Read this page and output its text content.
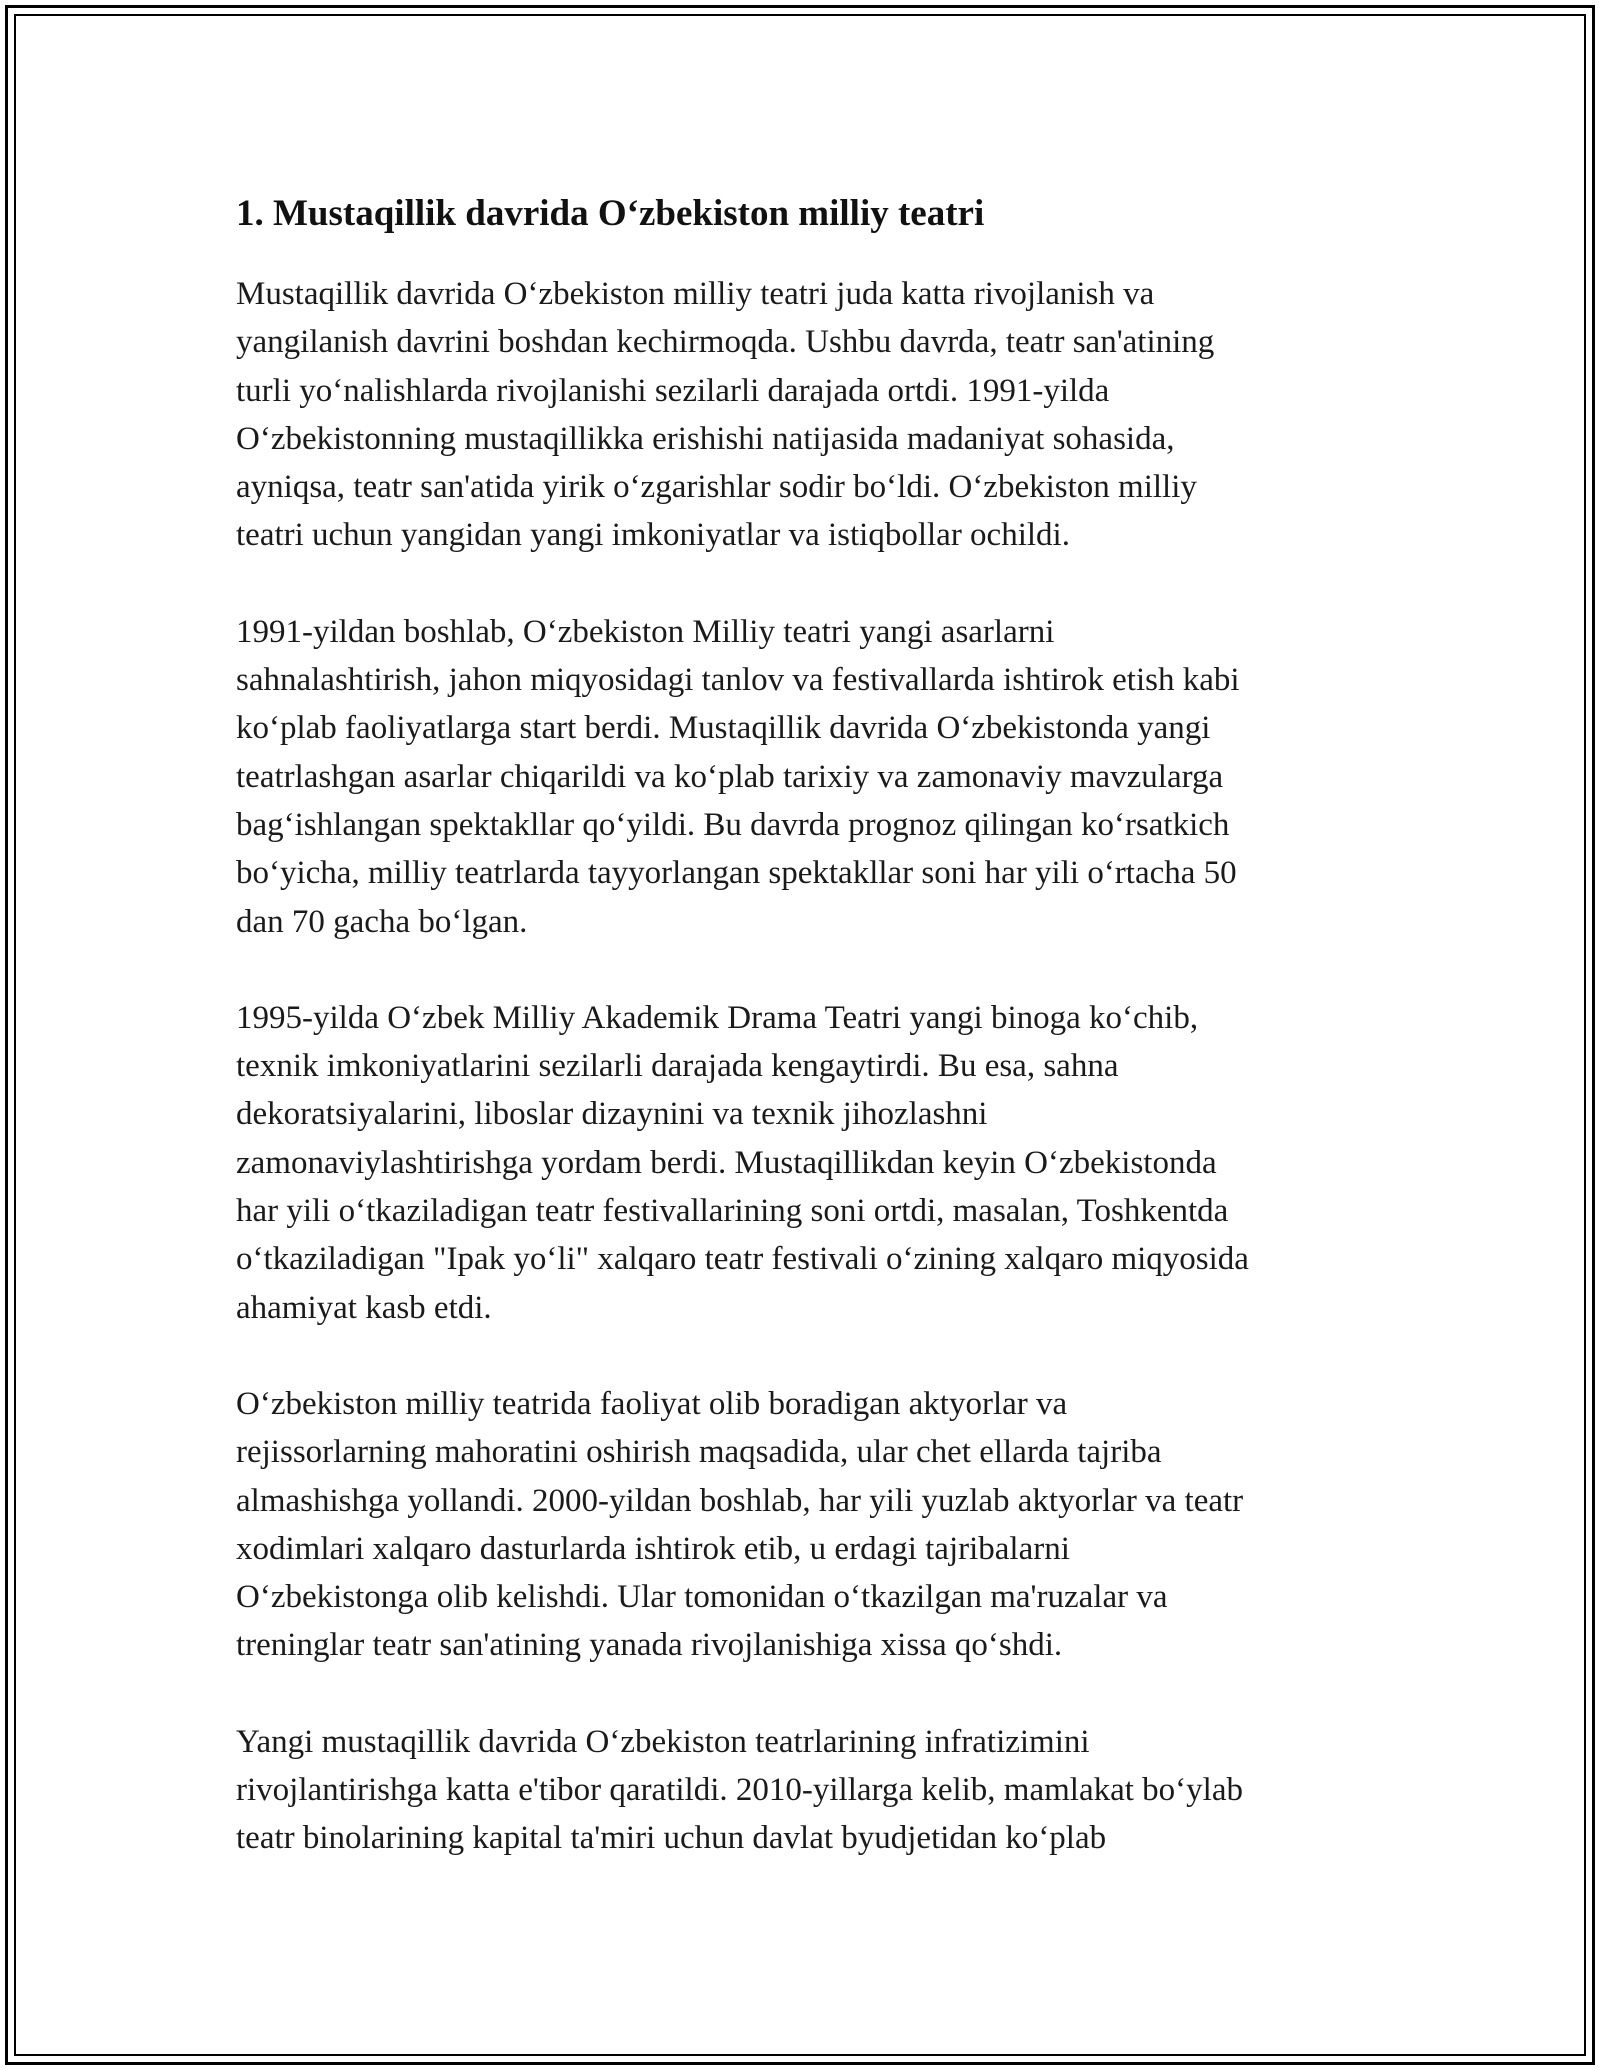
1. Mustaqillik davrida O‘zbekiston milliy teatri

Mustaqillik davrida O‘zbekiston milliy teatri juda katta rivojlanish va
yangilanish davrini boshdan kechirmoqda. Ushbu davrda, teatr san'atining
turli yo‘nalishlarda rivojlanishi sezilarli darajada ortdi. 1991-yilda
O‘zbekistonning mustaqillikka erishishi natijasida madaniyat sohasida,
ayniqsa, teatr san'atida yirik o‘zgarishlar sodir bo‘ldi. O‘zbekiston milliy
teatri uchun yangidan yangi imkoniyatlar va istiqbollar ochildi.

1991-yildan boshlab, O‘zbekiston Milliy teatri yangi asarlarni
sahnalashtirish, jahon miqyosidagi tanlov va festivallarda ishtirok etish kabi
ko‘plab faoliyatlarga start berdi. Mustaqillik davrida O‘zbekistonda yangi
teatrlashgan asarlar chiqarildi va ko‘plab tarixiy va zamonaviy mavzularga
bag‘ishlangan spektakllar qo‘yildi. Bu davrda prognoz qilingan ko‘rsatkich
bo‘yicha, milliy teatrlarda tayyorlangan spektakllar soni har yili o‘rtacha 50
dan 70 gacha bo‘lgan.

1995-yilda O‘zbek Milliy Akademik Drama Teatri yangi binoga ko‘chib,
texnik imkoniyatlarini sezilarli darajada kengaytirdi. Bu esa, sahna
dekoratsiyalarini, liboslar dizaynini va texnik jihozlashni
zamonaviylashtirishga yordam berdi. Mustaqillikdan keyin O‘zbekistonda
har yili o‘tkaziladigan teatr festivallarining soni ortdi, masalan, Toshkentda
o‘tkaziladigan "Ipak yo‘li" xalqaro teatr festivali o‘zining xalqaro miqyosida
ahamiyat kasb etdi.

O‘zbekiston milliy teatrida faoliyat olib boradigan aktyorlar va
rejissorlarning mahoratini oshirish maqsadida, ular chet ellarda tajriba
almashishga yollandi. 2000-yildan boshlab, har yili yuzlab aktyorlar va teatr
xodimlari xalqaro dasturlarda ishtirok etib, u erdagi tajribalarni
O‘zbekistonga olib kelishdi. Ular tomonidan o‘tkazilgan ma'ruzalar va
treninglar teatr san'atining yanada rivojlanishiga xissa qo‘shdi.

Yangi mustaqillik davrida O‘zbekiston teatrlarining infratizimini
rivojlantirishga katta e'tibor qaratildi. 2010-yillarga kelib, mamlakat bo‘ylab
teatr binolarining kapital ta'miri uchun davlat byudjetidan ko‘plab
